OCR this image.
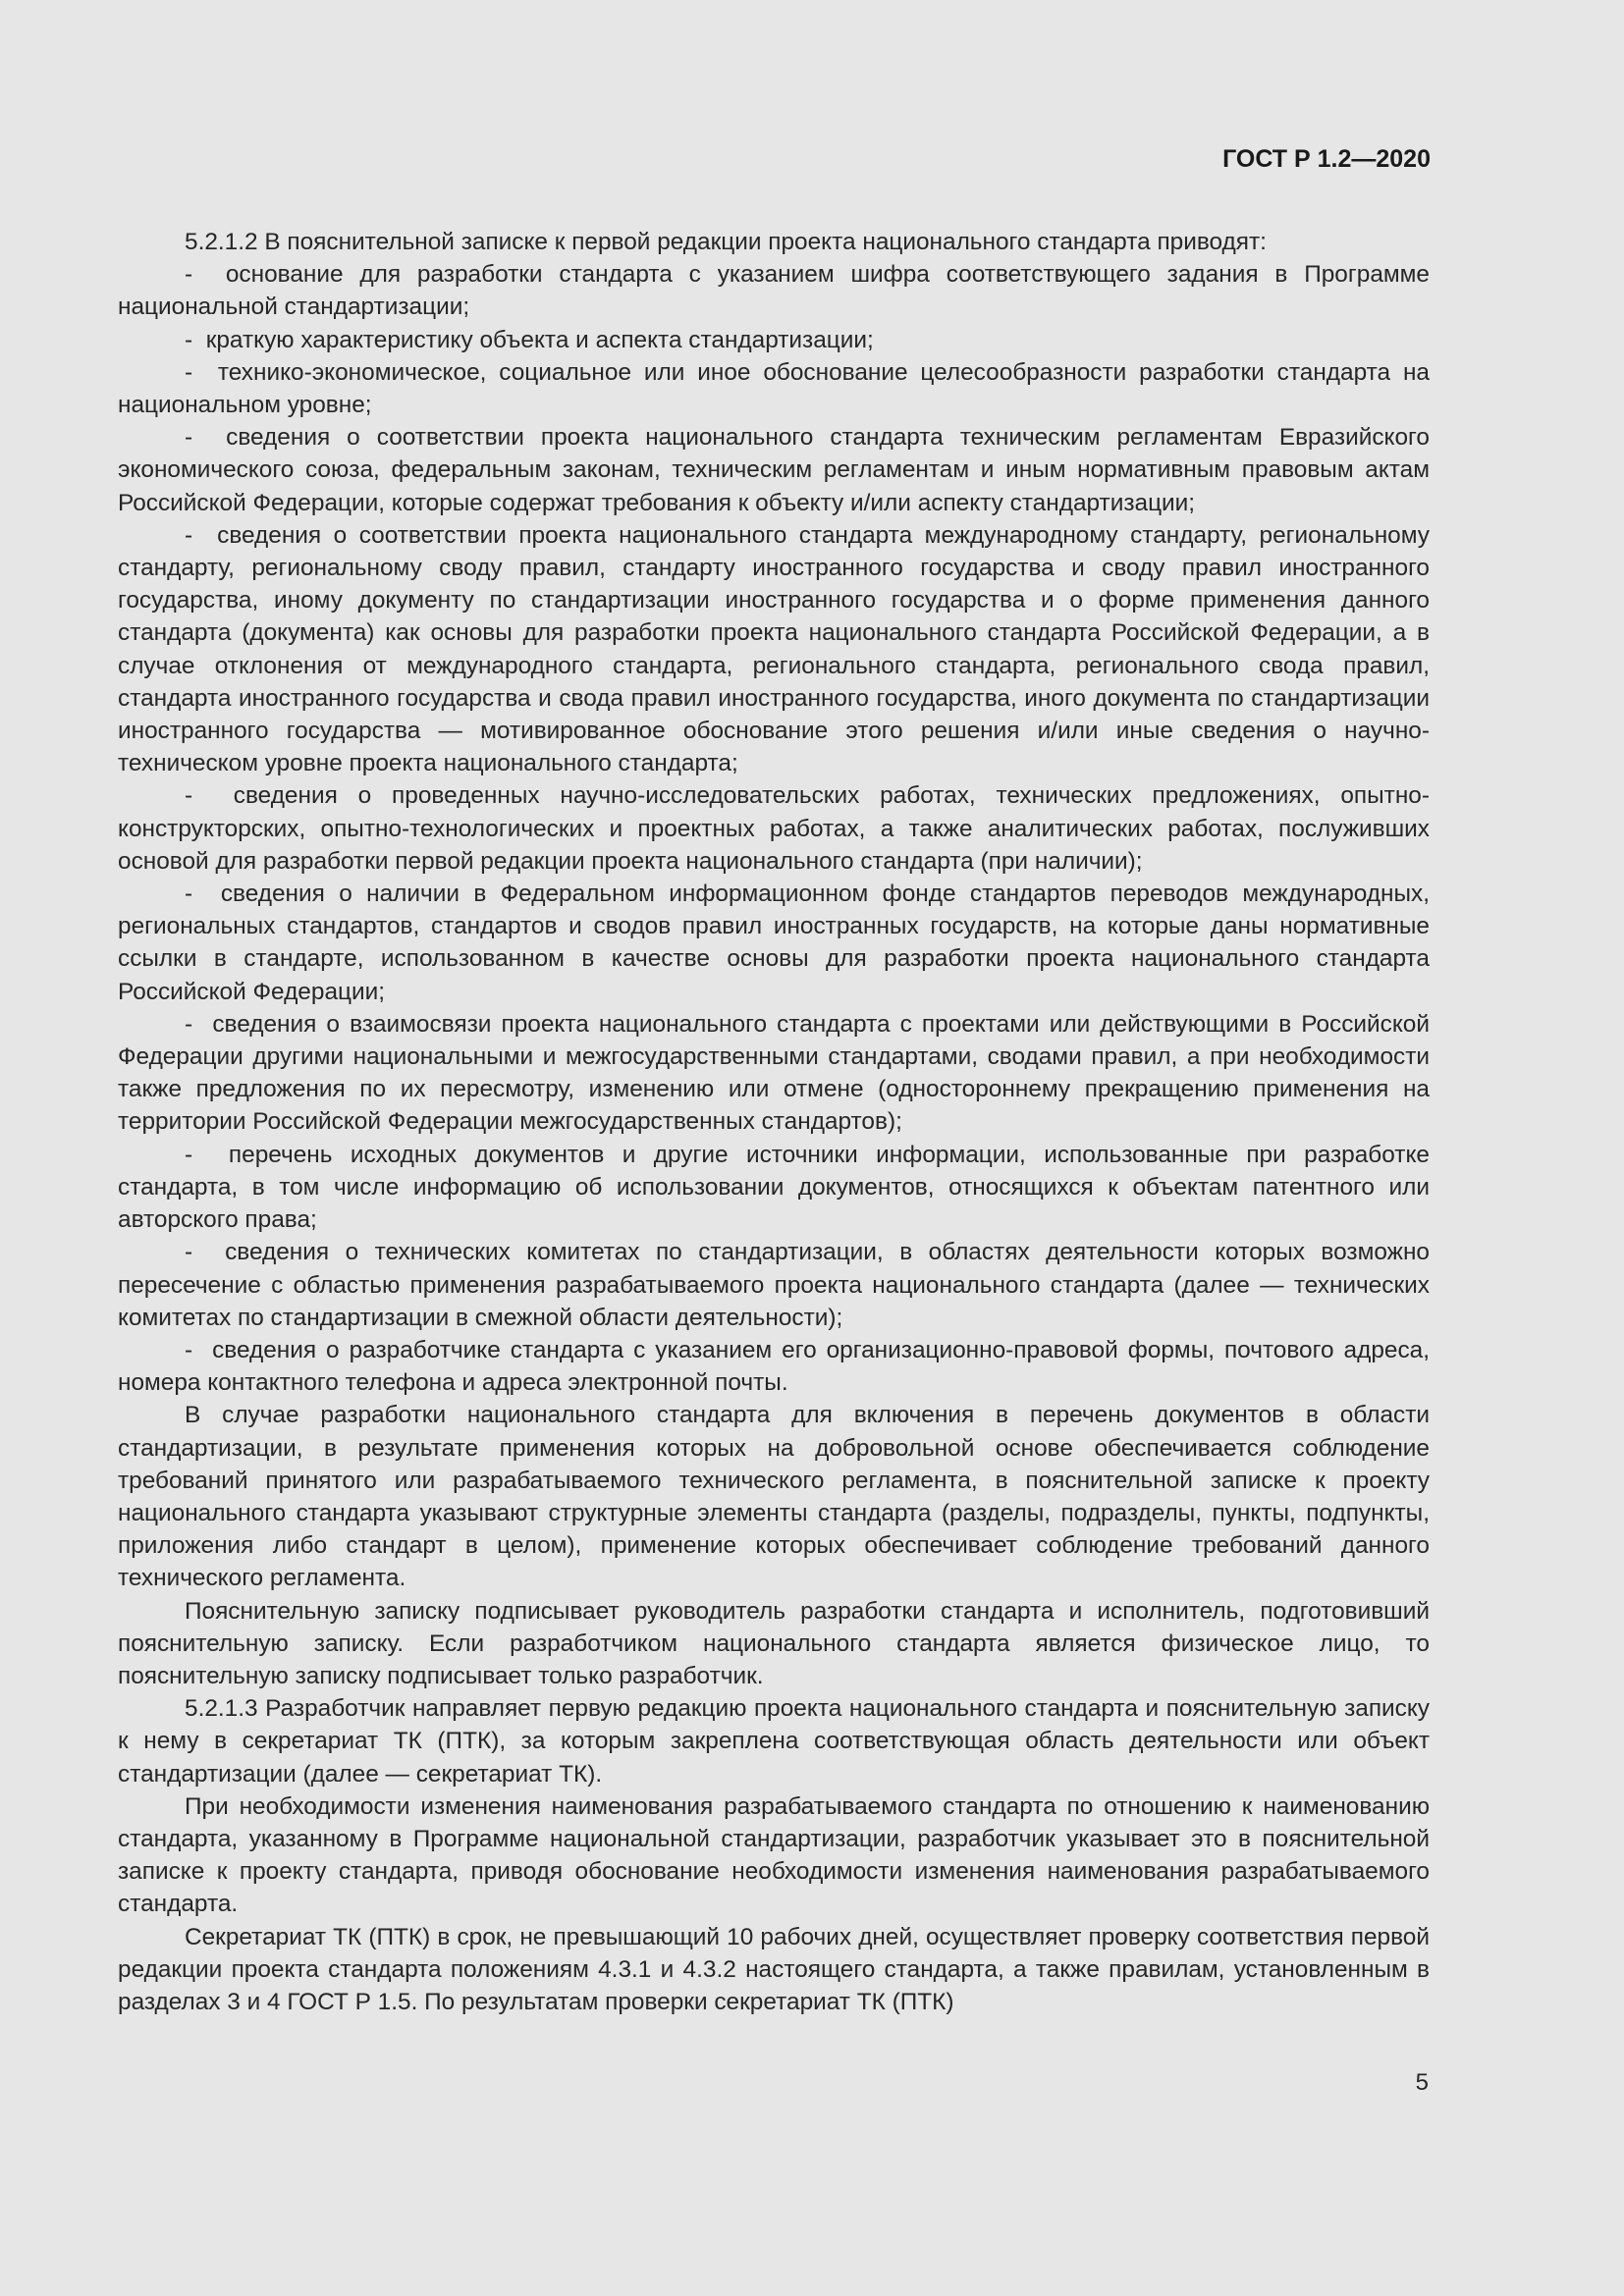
ГОСТ Р 1.2—2020

5.2.1.2 В пояснительной записке к первой редакции проекта национального стандарта приводят:

-  основание для разработки стандарта с указанием шифра соответствующего задания в Программе национальной стандартизации;

-  краткую характеристику объекта и аспекта стандартизации;

-  технико-экономическое, социальное или иное обоснование целесообразности разработки стандарта на национальном уровне;

-  сведения о соответствии проекта национального стандарта техническим регламентам Евразийского экономического союза, федеральным законам, техническим регламентам и иным нормативным правовым актам Российской Федерации, которые содержат требования к объекту и/или аспекту стандартизации;

-  сведения о соответствии проекта национального стандарта международному стандарту, региональному стандарту, региональному своду правил, стандарту иностранного государства и своду правил иностранного государства, иному документу по стандартизации иностранного государства и о форме применения данного стандарта (документа) как основы для разработки проекта национального стандарта Российской Федерации, а в случае отклонения от международного стандарта, регионального стандарта, регионального свода правил, стандарта иностранного государства и свода правил иностранного государства, иного документа по стандартизации иностранного государства — мотивированное обоснование этого решения и/или иные сведения о научно-техническом уровне проекта национального стандарта;

-  сведения о проведенных научно-исследовательских работах, технических предложениях, опытно-конструкторских, опытно-технологических и проектных работах, а также аналитических работах, послуживших основой для разработки первой редакции проекта национального стандарта (при наличии);

-  сведения о наличии в Федеральном информационном фонде стандартов переводов международных, региональных стандартов, стандартов и сводов правил иностранных государств, на которые даны нормативные ссылки в стандарте, использованном в качестве основы для разработки проекта национального стандарта Российской Федерации;

-  сведения о взаимосвязи проекта национального стандарта с проектами или действующими в Российской Федерации другими национальными и межгосударственными стандартами, сводами правил, а при необходимости также предложения по их пересмотру, изменению или отмене (одностороннему прекращению применения на территории Российской Федерации межгосударственных стандартов);

-  перечень исходных документов и другие источники информации, использованные при разработке стандарта, в том числе информацию об использовании документов, относящихся к объектам патентного или авторского права;

-  сведения о технических комитетах по стандартизации, в областях деятельности которых возможно пересечение с областью применения разрабатываемого проекта национального стандарта (далее — технических комитетах по стандартизации в смежной области деятельности);

-  сведения о разработчике стандарта с указанием его организационно-правовой формы, почтового адреса, номера контактного телефона и адреса электронной почты.

В случае разработки национального стандарта для включения в перечень документов в области стандартизации, в результате применения которых на добровольной основе обеспечивается соблюдение требований принятого или разрабатываемого технического регламента, в пояснительной записке к проекту национального стандарта указывают структурные элементы стандарта (разделы, подразделы, пункты, подпункты, приложения либо стандарт в целом), применение которых обеспечивает соблюдение требований данного технического регламента.

Пояснительную записку подписывает руководитель разработки стандарта и исполнитель, подготовивший пояснительную записку. Если разработчиком национального стандарта является физическое лицо, то пояснительную записку подписывает только разработчик.

5.2.1.3 Разработчик направляет первую редакцию проекта национального стандарта и пояснительную записку к нему в секретариат ТК (ПТК), за которым закреплена соответствующая область деятельности или объект стандартизации (далее — секретариат ТК).

При необходимости изменения наименования разрабатываемого стандарта по отношению к наименованию стандарта, указанному в Программе национальной стандартизации, разработчик указывает это в пояснительной записке к проекту стандарта, приводя обоснование необходимости изменения наименования разрабатываемого стандарта.

Секретариат ТК (ПТК) в срок, не превышающий 10 рабочих дней, осуществляет проверку соответствия первой редакции проекта стандарта положениям 4.3.1 и 4.3.2 настоящего стандарта, а также правилам, установленным в разделах 3 и 4 ГОСТ Р 1.5. По результатам проверки секретариат ТК (ПТК)

5
